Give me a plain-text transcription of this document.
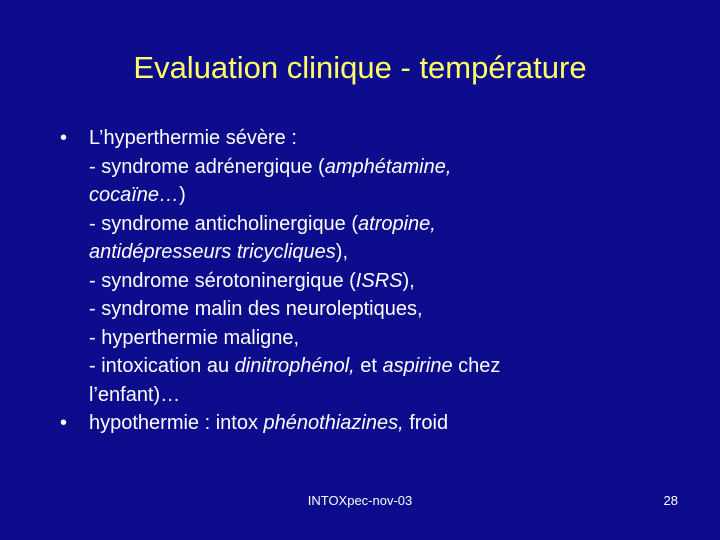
Evaluation clinique - température
• L’hyperthermie sévère :
- syndrome adrénergique (amphétamine,
cocaïne…)
- syndrome anticholinergique (atropine,
antidépresseurs tricycliques),
- syndrome sérotoninergique (ISRS),
- syndrome malin des neuroleptiques,
- hyperthermie maligne,
- intoxication au dinitrophénol, et aspirine chez
l’enfant)…
• hypothermie : intox phénothiazines, froid
INTOXpec-nov-03	28
